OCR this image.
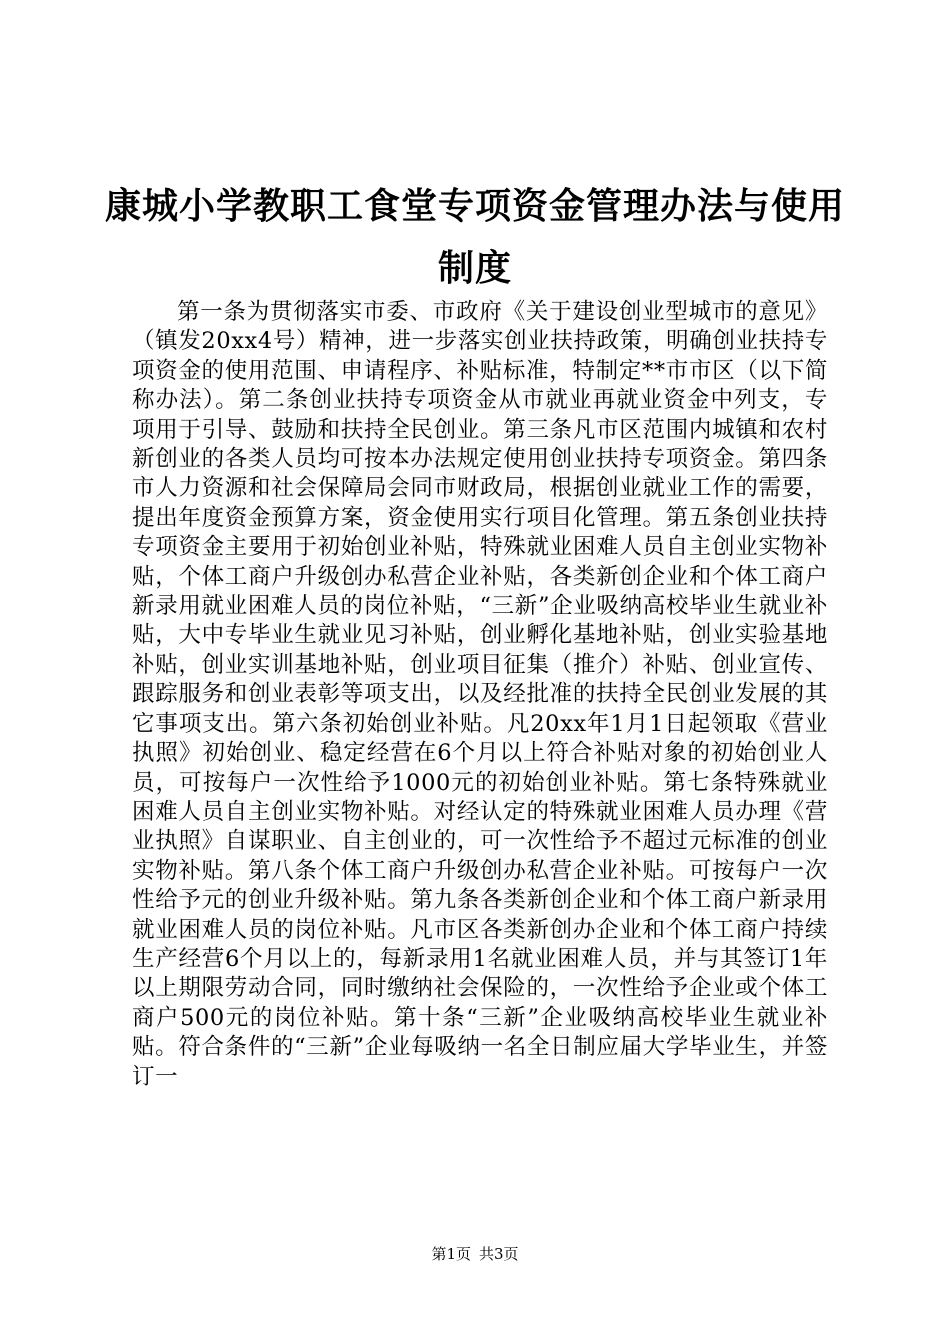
康城小学教职工食堂专项资金管理办法与使用制度

第一条为贯彻落实市委、市政府《关于建设创业型城市的意见》（镇发20xx4号）精神，进一步落实创业扶持政策，明确创业扶持专项资金的使用范围、申请程序、补贴标准，特制定**市市区（以下简称办法）。第二条创业扶持专项资金从市就业再就业资金中列支，专项用于引导、鼓励和扶持全民创业。第三条凡市区范围内城镇和农村新创业的各类人员均可按本办法规定使用创业扶持专项资金。第四条市人力资源和社会保障局会同市财政局，根据创业就业工作的需要，提出年度资金预算方案，资金使用实行项目化管理。第五条创业扶持专项资金主要用于初始创业补贴，特殊就业困难人员自主创业实物补贴，个体工商户升级创办私营企业补贴，各类新创企业和个体工商户新录用就业困难人员的岗位补贴，“三新”企业吸纳高校毕业生就业补贴，大中专毕业生就业见习补贴，创业孵化基地补贴，创业实验基地补贴，创业实训基地补贴，创业项目征集（推介）补贴、创业宣传、跟踪服务和创业表彰等项支出，以及经批准的扶持全民创业发展的其它事项支出。第六条初始创业补贴。凡20xx年1月1日起领取《营业执照》初始创业、稳定经营在6个月以上符合补贴对象的初始创业人员，可按每户一次性给予1000元的初始创业补贴。第七条特殊就业困难人员自主创业实物补贴。对经认定的特殊就业困难人员办理《营业执照》自谋职业、自主创业的，可一次性给予不超过元标准的创业实物补贴。第八条个体工商户升级创办私营企业补贴。可按每户一次性给予元的创业升级补贴。第九条各类新创企业和个体工商户新录用就业困难人员的岗位补贴。凡市区各类新创办企业和个体工商户持续生产经营6个月以上的，每新录用1名就业困难人员，并与其签订1年以上期限劳动合同，同时缴纳社会保险的，一次性给予企业或个体工商户500元的岗位补贴。第十条“三新”企业吸纳高校毕业生就业补贴。符合条件的“三新”企业每吸纳一名全日制应届大学毕业生，并签订一

第1页 共3页
